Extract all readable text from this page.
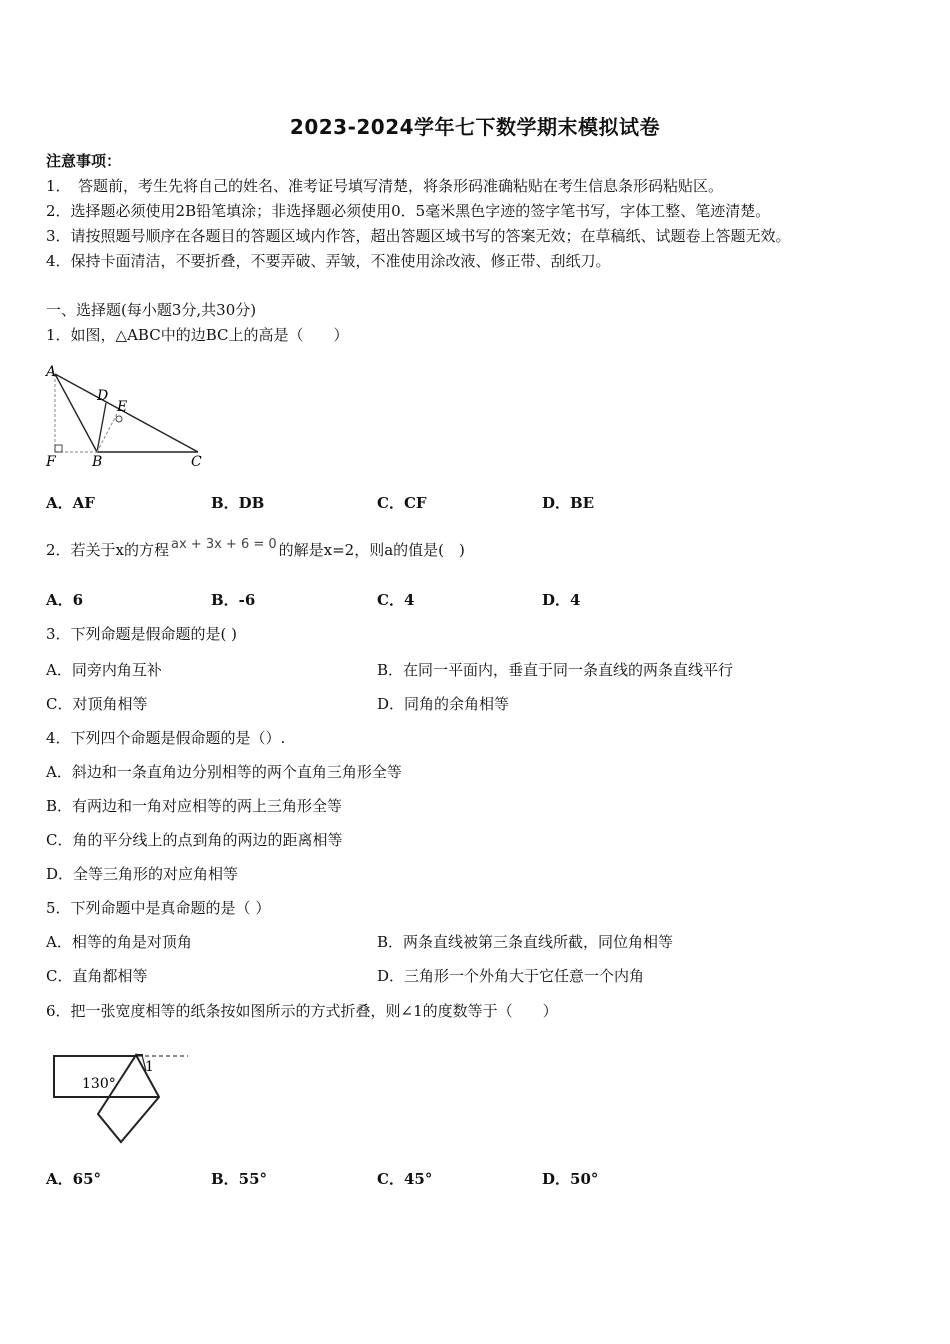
2023-2024学年七下数学期末模拟试卷
注意事项：
1．　答题前，考生先将自己的姓名、准考证号填写清楚，将条形码准确粘贴在考生信息条形码粘贴区。
2．选择题必须使用2B铅笔填涂；非选择题必须使用0．5毫米黑色字迹的签字笔书写，字体工整、笔迹清楚。
3．请按照题号顺序在各题目的答题区域内作答，超出答题区域书写的答案无效；在草稿纸、试题卷上答题无效。
4．保持卡面清洁，不要折叠，不要弄破、弄皱，不准使用涂改液、修正带、刮纸刀。
一、选择题(每小题3分,共30分)
1．如图，△ABC中的边BC上的高是（　　）
A
D
E
F	B	C
A．AF	B．DB	C．CF	D．BE
2．若关于x的方程 ax + 3x + 6 = 0 的解是x=2，则a的值是(　)
A．6	B．-6	C．4	D．4
3．下列命题是假命题的是( )
A．同旁内角互补	B．在同一平面内，垂直于同一条直线的两条直线平行
C．对顶角相等	D．同角的余角相等
4．下列四个命题是假命题的是（）.
A．斜边和一条直角边分别相等的两个直角三角形全等
B．有两边和一角对应相等的两上三角形全等
C．角的平分线上的点到角的两边的距离相等
D．全等三角形的对应角相等
5．下列命题中是真命题的是（ ）
A．相等的角是对顶角	B．两条直线被第三条直线所截，同位角相等
C．直角都相等	D．三角形一个外角大于它任意一个内角
6．把一张宽度相等的纸条按如图所示的方式折叠，则∠1的度数等于（　　）
130°
1
A．65°	B．55°	C．45°	D．50°
